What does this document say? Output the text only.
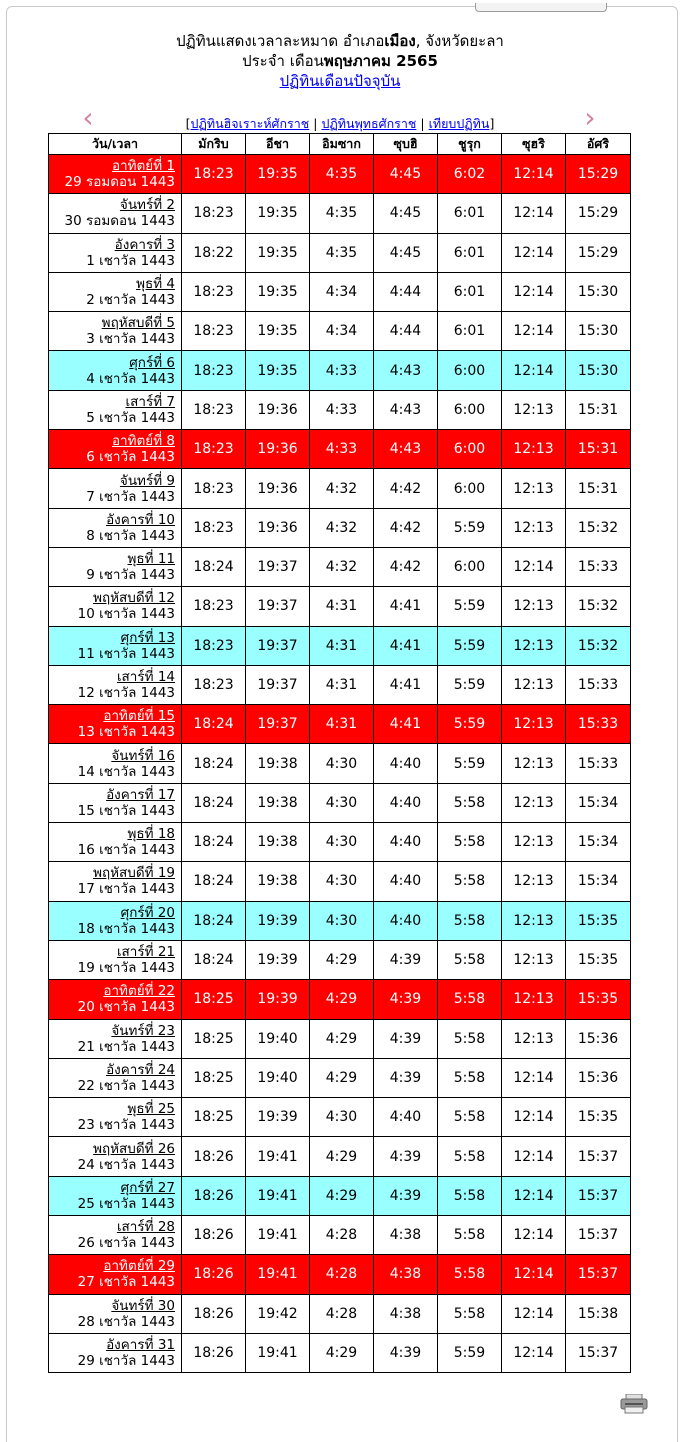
ปฏิทินแสดงเวลาละหมาด อำเภอเมือง, จังหวัดยะลา
ประจำ เดือนพฤษภาคม 2565
ปฏิทินเดือนปัจจุบัน
‹	›
[ปฏิทินฮิจเราะห์ศักราช | ปฏิทินพุทธศักราช | เทียบปฏิทิน]
วัน/เวลา	มักริบ	อีชา	อิมซาก	ซุบฮิ	ชูรุก	ซุฮริ	อัศริ

อาทิตย์ที่ 1
29 รอมดอน 1443	18:23	19:35	4:35	4:45	6:02	12:14	15:29

จันทร์ที่ 2
30 รอมดอน 1443	18:23	19:35	4:35	4:45	6:01	12:14	15:29

อังคารที่ 3
1 เชาวัล 1443	18:22	19:35	4:35	4:45	6:01	12:14	15:29

พุธที่ 4
2 เชาวัล 1443	18:23	19:35	4:34	4:44	6:01	12:14	15:30

พฤหัสบดีที่ 5
3 เชาวัล 1443	18:23	19:35	4:34	4:44	6:01	12:14	15:30

ศุกร์ที่ 6
4 เชาวัล 1443	18:23	19:35	4:33	4:43	6:00	12:14	15:30

เสาร์ที่ 7
5 เชาวัล 1443	18:23	19:36	4:33	4:43	6:00	12:13	15:31

อาทิตย์ที่ 8
6 เชาวัล 1443	18:23	19:36	4:33	4:43	6:00	12:13	15:31

จันทร์ที่ 9
7 เชาวัล 1443	18:23	19:36	4:32	4:42	6:00	12:13	15:31

อังคารที่ 10
8 เชาวัล 1443	18:23	19:36	4:32	4:42	5:59	12:13	15:32

พุธที่ 11
9 เชาวัล 1443	18:24	19:37	4:32	4:42	6:00	12:14	15:33

พฤหัสบดีที่ 12
10 เชาวัล 1443	18:23	19:37	4:31	4:41	5:59	12:13	15:32

ศุกร์ที่ 13
11 เชาวัล 1443	18:23	19:37	4:31	4:41	5:59	12:13	15:32

เสาร์ที่ 14
12 เชาวัล 1443	18:23	19:37	4:31	4:41	5:59	12:13	15:33

อาทิตย์ที่ 15
13 เชาวัล 1443	18:24	19:37	4:31	4:41	5:59	12:13	15:33

จันทร์ที่ 16
14 เชาวัล 1443	18:24	19:38	4:30	4:40	5:59	12:13	15:33

อังคารที่ 17
15 เชาวัล 1443	18:24	19:38	4:30	4:40	5:58	12:13	15:34

พุธที่ 18
16 เชาวัล 1443	18:24	19:38	4:30	4:40	5:58	12:13	15:34

พฤหัสบดีที่ 19
17 เชาวัล 1443	18:24	19:38	4:30	4:40	5:58	12:13	15:34

ศุกร์ที่ 20
18 เชาวัล 1443	18:24	19:39	4:30	4:40	5:58	12:13	15:35

เสาร์ที่ 21
19 เชาวัล 1443	18:24	19:39	4:29	4:39	5:58	12:13	15:35

อาทิตย์ที่ 22
20 เชาวัล 1443	18:25	19:39	4:29	4:39	5:58	12:13	15:35

จันทร์ที่ 23
21 เชาวัล 1443	18:25	19:40	4:29	4:39	5:58	12:13	15:36

อังคารที่ 24
22 เชาวัล 1443	18:25	19:40	4:29	4:39	5:58	12:14	15:36

พุธที่ 25
23 เชาวัล 1443	18:25	19:39	4:30	4:40	5:58	12:14	15:35

พฤหัสบดีที่ 26
24 เชาวัล 1443	18:26	19:41	4:29	4:39	5:58	12:14	15:37

ศุกร์ที่ 27
25 เชาวัล 1443	18:26	19:41	4:29	4:39	5:58	12:14	15:37

เสาร์ที่ 28
26 เชาวัล 1443	18:26	19:41	4:28	4:38	5:58	12:14	15:37

อาทิตย์ที่ 29
27 เชาวัล 1443	18:26	19:41	4:28	4:38	5:58	12:14	15:37

จันทร์ที่ 30
28 เชาวัล 1443	18:26	19:42	4:28	4:38	5:58	12:14	15:38

อังคารที่ 31
29 เชาวัล 1443	18:26	19:41	4:29	4:39	5:59	12:14	15:37
